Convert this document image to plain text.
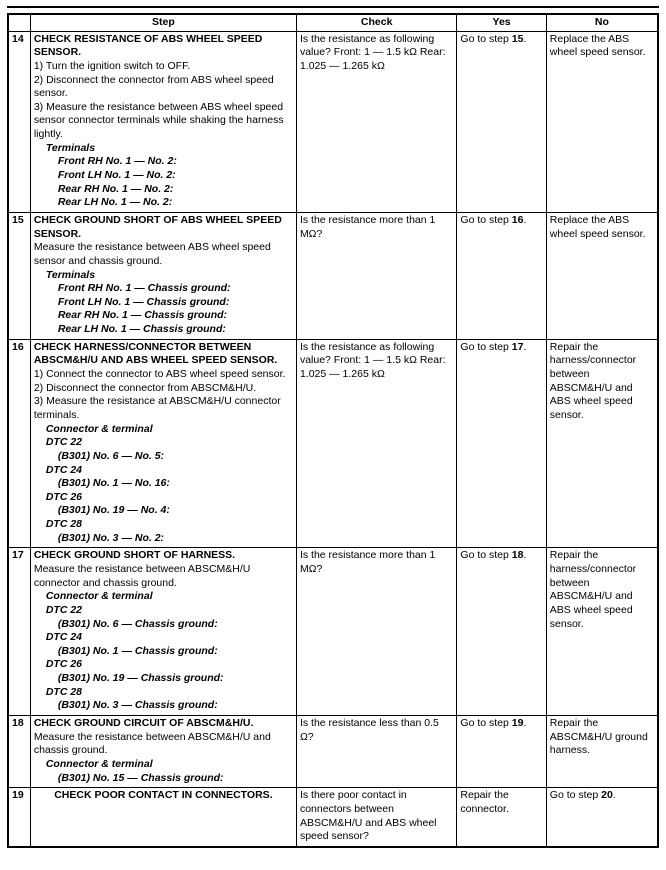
	Step	Check	Yes	No
14	CHECK RESISTANCE OF ABS WHEEL SPEED SENSOR.
1) Turn the ignition switch to OFF.
2) Disconnect the connector from ABS wheel speed sensor.
3) Measure the resistance between ABS wheel speed sensor connector terminals while shaking the harness lightly.
Terminals
Front RH No. 1 — No. 2:
Front LH No. 1 — No. 2:
Rear RH No. 1 — No. 2:
Rear LH No. 1 — No. 2:
	Is the resistance as following value? Front: 1 — 1.5 kΩ Rear: 1.025 — 1.265 kΩ	Go to step 15.	Replace the ABS wheel speed sensor.
15	CHECK GROUND SHORT OF ABS WHEEL SPEED SENSOR.
Measure the resistance between ABS wheel speed sensor and chassis ground.
Terminals
Front RH No. 1 — Chassis ground:
Front LH No. 1 — Chassis ground:
Rear RH No. 1 — Chassis ground:
Rear LH No. 1 — Chassis ground:
	Is the resistance more than 1 MΩ?	Go to step 16.	Replace the ABS wheel speed sensor.
16	CHECK HARNESS/CONNECTOR BETWEEN ABSCM&H/U AND ABS WHEEL SPEED SENSOR.
1) Connect the connector to ABS wheel speed sensor.
2) Disconnect the connector from ABSCM&H/U.
3) Measure the resistance at ABSCM&H/U connector terminals.
Connector & terminal
DTC 22
(B301) No. 6 — No. 5:
DTC 24
(B301) No. 1 — No. 16:
DTC 26
(B301) No. 19 — No. 4:
DTC 28
(B301) No. 3 — No. 2:
	Is the resistance as following value? Front: 1 — 1.5 kΩ Rear: 1.025 — 1.265 kΩ	Go to step 17.	Repair the harness/connector between ABSCM&H/U and ABS wheel speed sensor.
17	CHECK GROUND SHORT OF HARNESS.
Measure the resistance between ABSCM&H/U connector and chassis ground.
Connector & terminal
DTC 22
(B301) No. 6 — Chassis ground:
DTC 24
(B301) No. 1 — Chassis ground:
DTC 26
(B301) No. 19 — Chassis ground:
DTC 28
(B301) No. 3 — Chassis ground:
	Is the resistance more than 1 MΩ?	Go to step 18.	Repair the harness/connector between ABSCM&H/U and ABS wheel speed sensor.
18	CHECK GROUND CIRCUIT OF ABSCM&H/U.
Measure the resistance between ABSCM&H/U and chassis ground.
Connector & terminal
(B301) No. 15 — Chassis ground:	Is the resistance less than 0.5 Ω?	Go to step 19.	Repair the ABSCM&H/U ground harness.
19	CHECK POOR CONTACT IN CONNECTORS.	Is there poor contact in connectors between ABSCM&H/U and ABS wheel speed sensor?	Repair the connector.	Go to step 20.
